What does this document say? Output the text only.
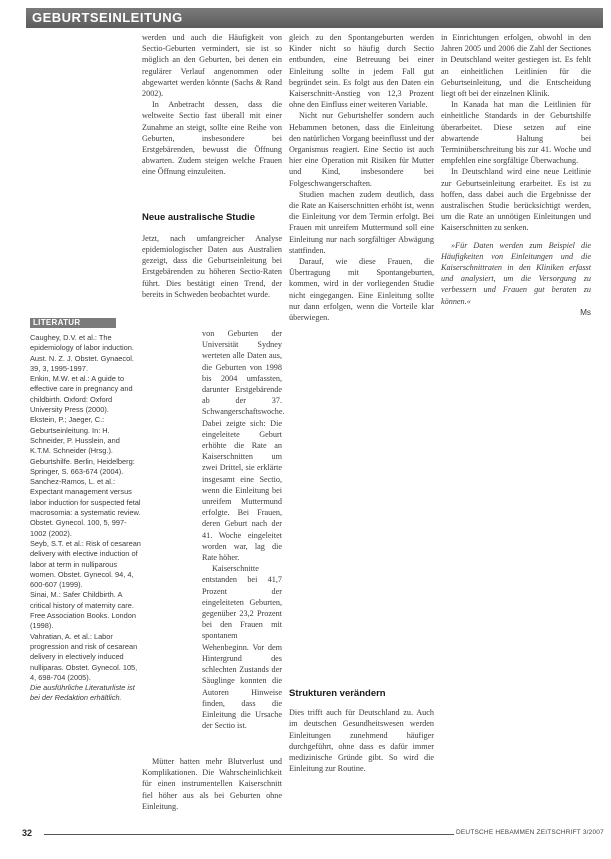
GEBURTSEINLEITUNG

werden und auch die Häufigkeit von Sectio-Geburten vermindert, sie ist so möglich an den Geburten, bei denen ein regulärer Verlauf angenommen oder abgewartet werden könnte (Sachs & Rand 2002).

In Anbetracht dessen, dass die weltweite Sectio fast überall mit einer Zunahme an steigt, sollte eine Reihe von Geburten, insbesondere bei Erstgebärenden, bewusst die Öffnung abwarten. Zudem steigen welche Frauen eine Öffnung einzuleiten.

Neue australische Studie

Jetzt, nach umfangreicher Analyse epidemiologischer Daten aus Australien gezeigt, dass die Geburtseinleitung bei Erstgebärenden zu höheren Sectio-Raten führt. Dies bestätigt einen Trend, der bereits in Schweden beobachtet wurde.

von Geburten der Universität Sydney werteten alle Daten aus, die Geburten von 1998 bis 2004 umfassten, darunter Erstgebärende ab der 37. Schwangerschaftswoche. Dabei zeigte sich: Die eingeleitete Geburt erhöhte die Rate an Kaiserschnitten um zwei Drittel, sie erklärte insgesamt eine Sectio, wenn die Einleitung bei unreifem Muttermund erfolgte. Bei Frauen, deren Geburt nach der 41. Woche eingeleitet worden war, lag die Rate höher.

Kaiserschnitte entstanden bei 41,7 Prozent der eingeleiteten Geburten, gegenüber 23,2 Prozent bei den Frauen mit spontanem Wehenbeginn. Vor dem Hintergrund des schlechten Zustands der Säuglinge konnten die Autoren Hinweise finden, dass die Einleitung die Ursache der Sectio ist.

Mütter hatten mehr Blutverlust und Komplikationen. Die Wahrscheinlichkeit für einen instrumentellen Kaiserschnitt fiel höher aus als bei Geburten ohne Einleitung.

LITERATUR

Caughey, D.V. et al.: The epidemiology of labor induction. Aust. N. Z. J. Obstet. Gynaecol. 39, 3, 1995-1997.

Enkin, M.W. et al.: A guide to effective care in pregnancy and childbirth. Oxford: Oxford University Press (2000).

Ekstein, P.; Jaeger, C.: Geburtseinleitung. In: H. Schneider, P. Husslein, and K.T.M. Schneider (Hrsg.). Geburtshilfe. Berlin, Heidelberg: Springer, S. 663-674 (2004).

Sanchez-Ramos, L. et al.: Expectant management versus labor induction for suspected fetal macrosomia: a systematic review. Obstet. Gynecol. 100, 5, 997-1002 (2002).

Seyb, S.T. et al.: Risk of cesarean delivery with elective induction of labor at term in nulliparous women. Obstet. Gynecol. 94, 4, 600-607 (1999).

Sinai, M.: Safer Childbirth. A critical history of maternity care. Free Association Books. London (1998).

Vahratian, A. et al.: Labor progression and risk of cesarean delivery in electively induced nulliparas. Obstet. Gynecol. 105, 4, 698-704 (2005).

Die ausführliche Literaturliste ist bei der Redaktion erhältlich.

gleich zu den Spontangeburten werden Kinder nicht so häufig durch Sectio entbunden, eine Betreuung bei einer Einleitung sollte in jedem Fall gut begründet sein. Es folgt aus den Daten ein Kaiserschnitt-Anstieg von 12,3 Prozent ohne den Einfluss einer weiteren Variable.

Nicht nur Geburtshelfer sondern auch Hebammen betonen, dass die Einleitung den natürlichen Vorgang beeinflusst und der Organismus reagiert. Eine Sectio ist auch hier eine Operation mit Risiken für Mutter und Kind, insbesondere bei Folgeschwangerschaften.

Studien machen zudem deutlich, dass die Rate an Kaiserschnitten erhöht ist, wenn die Einleitung vor dem Termin erfolgt. Bei Frauen mit unreifem Muttermund soll eine Einleitung nur nach sorgfältiger Abwägung stattfinden.

Darauf, wie diese Frauen, die Übertragung mit Spontangeburten, kommen, wird in der vorliegenden Studie nicht eingegangen. Eine Einleitung sollte nur dann erfolgen, wenn die Vorteile klar überwiegen.

Strukturen verändern

Dies trifft auch für Deutschland zu. Auch im deutschen Gesundheitswesen werden Einleitungen zunehmend häufiger durchgeführt, ohne dass es dafür immer medizinische Gründe gibt. So wird die Einleitung zur Routine.

in Einrichtungen erfolgen, obwohl in den Jahren 2005 und 2006 die Zahl der Sectiones in Deutschland weiter gestiegen ist. Es fehlt an einheitlichen Leitlinien für die Geburtseinleitung, und die Entscheidung liegt oft bei der einzelnen Klinik.

In Kanada hat man die Leitlinien für einheitliche Standards in der Geburtshilfe überarbeitet. Diese setzen auf eine abwartende Haltung bei Terminüberschreitung bis zur 41. Woche und empfehlen eine sorgfältige Überwachung.

In Deutschland wird eine neue Leitlinie zur Geburtseinleitung erarbeitet. Es ist zu hoffen, dass dabei auch die Ergebnisse der australischen Studie berücksichtigt werden, um die Rate an unnötigen Einleitungen und Kaiserschnitten zu senken.

»Für Daten werden zum Beispiel die Häufigkeiten von Einleitungen und die Kaiserschnittraten in den Kliniken erfasst und analysiert, um die Versorgung zu verbessern und Frauen gut beraten zu können.«

Ms

32	DEUTSCHE HEBAMMEN ZEITSCHRIFT 3/2007
